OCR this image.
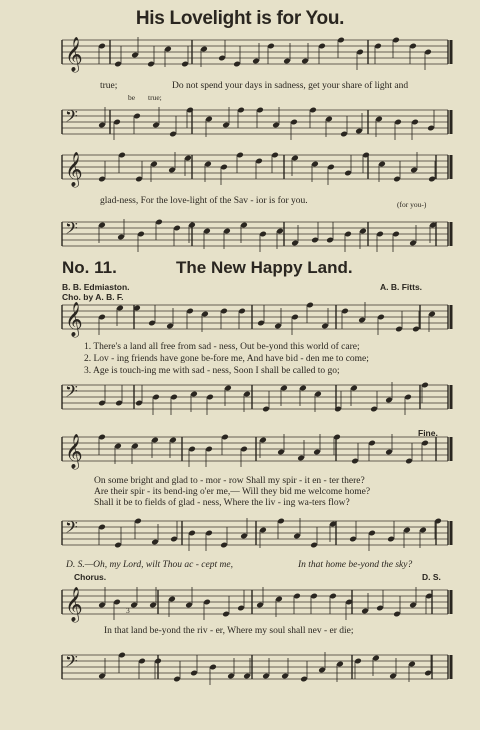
𝄞
𝄢
𝄞
𝄢
𝄞
𝄢
𝄞
𝄢
𝄞
𝄢
His Lovelight is for You.
true;	Do not spend your days in sadness, get your share of light and
be true;
glad-ness, For the love-light of the Sav - ior is for you.	(for you-)
No. 11.	The New Happy Land.
B. B. Edmiaston.
Cho. by A. B. F.
A. B. Fitts.
1. There's a land all free from sad - ness, Out be-yond this world of care;
2. Lov - ing friends have gone be-fore me, And have bid - den me to come;
3. Age is touch-ing me with sad - ness, Soon I shall be called to go;
Fine.
On some bright and glad to - mor - row Shall my spir - it en - ter there?
Are their spir - its bend-ing o'er me,— Will they bid me welcome home?
Shall it be to fields of glad - ness, Where the liv - ing wa-ters flow?
D. S.—Oh, my Lord, wilt Thou ac - cept me,	In that home be-yond the sky?
Chorus.	D. S.
3
In that land be-yond the riv - er, Where my soul shall nev - er die;
